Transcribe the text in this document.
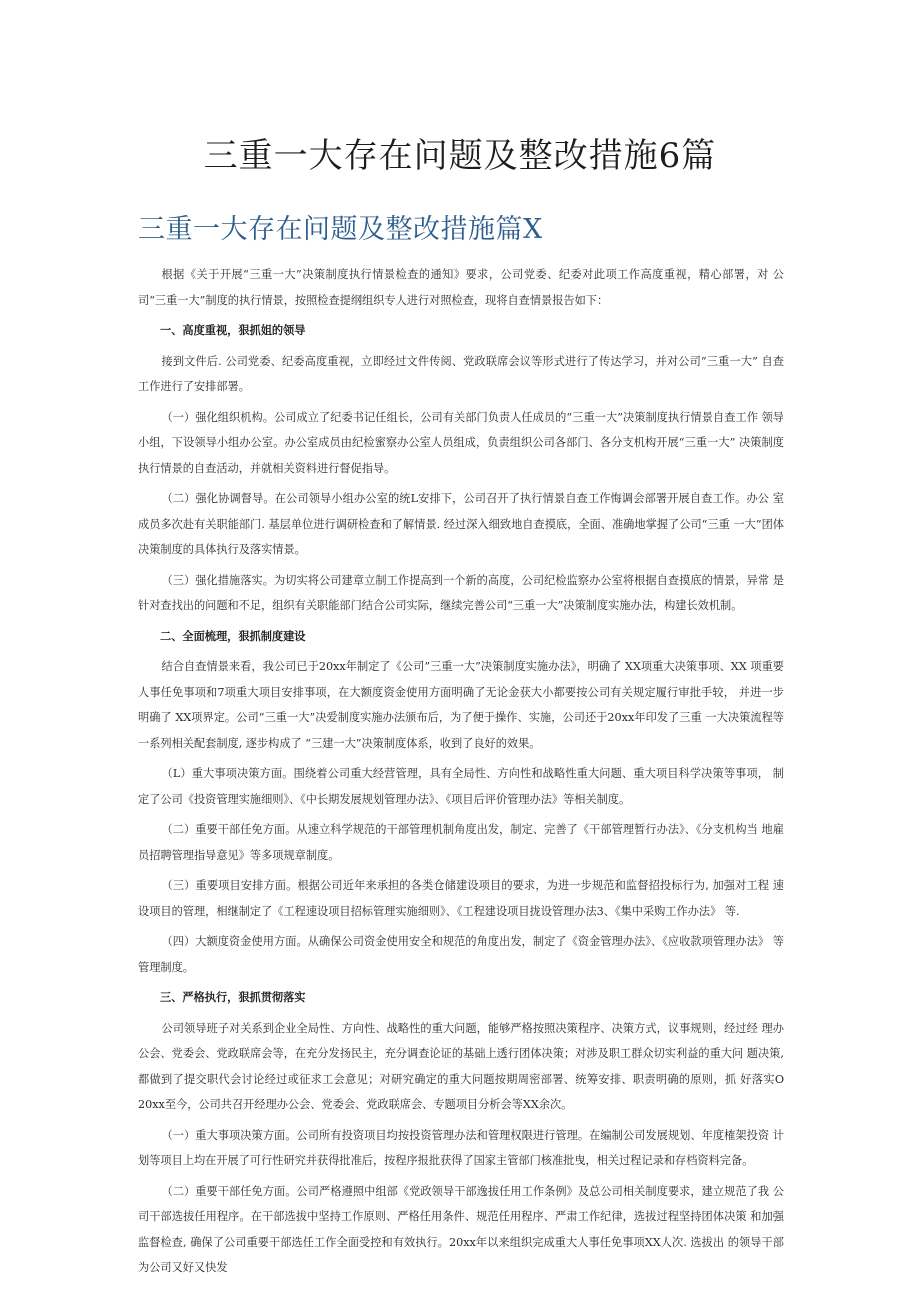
三重一大存在问题及整改措施6篇
三重一大存在问题及整改措施篇X

根据《关于开展“三重一大”决策制度执行情景检查的通知》要求，公司党委、纪委对此项工作高度重视，精心部署，对 公司“三重一大”制度的执行情景，按照检查提纲组织专人进行对照检查，现将自查情景报告如下：

一、高度重视，狠抓姐的领导

接到文件后. 公司党委、纪委高度重视，立即经过文件传阅、党政联席会议等形式进行了传达学习，并对公司“三重一大” 自查工作进行了安排部署。

（一）强化组织机构。公司成立了纪委书记任组长，公司有关部门负责人任成员的“三重一大”决策制度执行情景自查工作 领导小组，下设领导小组办公室。办公室成员由纪检蜜察办公室人员组成，负责组织公司各部门、各分支机构开展“三重一大” 决策制度执行情景的自查活动，并就相关资料进行督促指导。

（二）强化协调督导。在公司领导小组办公室的统L安排下，公司召开了执行情景自查工作悔调会部署开展自查工作。办公 室成员多次赴有关职能部门. 基层单位进行调研检查和了解情景. 经过深入细致地自查摸底，全面、准确地掌握了公司“三重 一大”团体决策制度的具体执行及落实情景。

（三）强化措施落实。为切实将公司建章立制工作提高到一个新的高度，公司纪检监察办公室将根据自查摸底的情景，异常 是针对查找出的问题和不足，组织有关职能部门结合公司实际，继续完善公司“三重一大”决策制度实施办法，构建长效机制。

二、全面梳理，狠抓制度建设

结合自查情景来看，我公司已于20xx年制定了《公司”三重一大”决策制度实施办法》，明确了 XX项重大决策事项、XX 项重要人事任免事项和7项重大项目安排事项，在大额度资金使用方面明确了无论金获大小都要按公司有关规定履行审批手较， 并进一步明确了 XX项界定。公司“三重一大”决爱制度实施办法颁布后，为了便于操作、实施，公司还于20xx年印发了三重 一大决策流程等一系列相关配套制度, 逐步构成了 “三建一大”决策制度体系，收到了良好的效果。

（L）重大事项决策方面。围绕着公司重大经营管理，具有全局性、方向性和战略性重大问题、重大项目科学决策等事项， 制定了公司《投资管理实施细则》、《中长期发展规划管理办法》、《项目后评价管理办法》等相关制度。

（二）重要干部任免方面。从速立科学规范的干部管理机制角度出发，制定、完善了《干部管理暂行办法》、《分支机构当 地雇员招聘管理指导意见》等多项规章制度。

（三）重要项目安排方面。根据公司近年来承担的各类仓储建设项目的要求，为进一步规范和监督招投标行为, 加强对工程 速设项目的管理，相继制定了《工程速设项目招标管理实施细则》、《工程建设项目拢设管理办法3、《集中采购工作办法》 等.

（四）大额度资金使用方面。从确保公司资金使用安全和规范的角度出发，制定了《资金管理办法》、《应收款项管理办法》 等管理制度。

三、严格执行，狠抓贯彻落实

公司领导班子对关系到企业全局性、方向性、战略性的重大问题，能够严格按照决策程序、决策方式，议事规则，经过经 理办公会、党委会、党政联席会等，在充分发扬民主，充分调查论证的基础上透行团体决策；对涉及职工群众切实利益的重大问 题决策, 都做到了提交职代会讨论经过或征求工会意见；对研究确定的重大问题按期周密部署、统筹安排、职责明确的原则，抓 好落实O 20xx至今，公司共召开经理办公会、党委会、党政联席会、专题项目分析会等XX余次。

（一）重大事项决策方面。公司所有投资项目均按投资管理办法和管理权限进行管理。在编制公司发展规划、年度榷架投资 计划等项目上均在开展了可行性研究并获得批准后，按程序报批获得了国家主管部门核准批曳，相关过程记录和存档资料完备。

（二）重要干部任免方面。公司严格遵照中组部《党政领导干部逸拔任用工作条例》及总公司相关制度要求，建立规范了我 公司干部选拔任用程序。在干部选拔中坚持工作原则、严格任用条件、规范任用程序、严肃工作纪律，选拔过程坚持团体决策 和加强监督检查, 确保了公司重要干部选任工作全面受控和有效执行。20xx年以来组织完成重大人事任免事项XX人次. 选拔出 的领导干部为公司又好又快发
